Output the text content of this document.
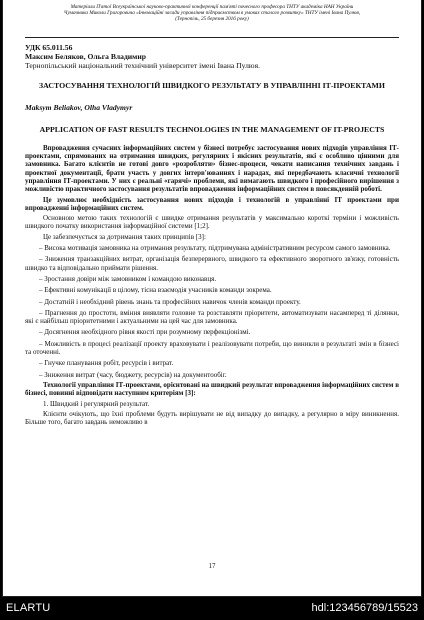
Матеріали П'ятої Всеукраїнської науково-практичної конференції пам'яті почесного професора ТНТУ академіка НАН України Чумачника Миколи Григоровича «Інноваційні засади управління підприємством в умовах сталого розвитку» ТНТУ імені Івана Пулюя, (Тернопіль, 25 березня 2016 року)
УДК 65.011.56
Максим Беляков, Ольга Владимир
Тернопільський національний технічний університет імені Івана Пулюя.
ЗАСТОСУВАННЯ ТЕХНОЛОГІЙ ШВИДКОГО РЕЗУЛЬТАТУ В УПРАВЛІННІ ІТ-ПРОЕКТАМИ
Maksym Beliakov, Olha Vladymyr
APPLICATION OF FAST RESULTS TECHNOLOGIES IN THE MANAGEMENT OF IT-PROJECTS

Впровадження сучасних інформаційних систем у бізнесі потребує застосування нових підходів управління ІТ-проектами, спрямованих на отримання швидких, регулярних і якісних результатів, які є особливо цінними для замовника. Багато клієнтів не готові довго «розробляти» бізнес-процеси, чекати написання технічних завдань і проектної документації, брати участь у довгих інтерв'юваннях і нарадах, які передбачають класичні технології управління ІТ-проектами. У них є реальні «гарячі» проблеми, які вимагають швидкого і професійного вирішення з можливістю практичного застосування результатів впровадження інформаційних систем в повсякденній роботі.

Це зумовлює необхідність застосування нових підходів і технологій в управлінні ІТ проектами при впровадженні інформаційних систем.

Основною метою таких технологій є швидке отримання результатів у максимально короткі терміни і можливість швидкого початку використання інформаційної системи [1;2].

Це забезпечується за дотримання таких принципів [3]:

– Висока мотивація замовника на отримання результату, підтримувана адміністративним ресурсом самого замовника.

– Зниження транзакційних витрат, організація безперервного, швидкого та ефективного зворотного зв'язку, готовність швидко та відповідально приймати рішення.

– Зростання довіри між замовником і командою виконавця.

– Ефективні комунікації в цілому, тісна взаємодія учасників команди зокрема.

– Достатній і необхідний рівень знань та професійних навичок членів команди проекту.

– Прагнення до простоти, вміння виявляти головне та розставляти пріоритети, автоматизувати насамперед ті ділянки, які є найбільш пріоритетними і актуальними на цей час для замовника.

– Досягнення необхідного рівня якості при розумному перфекціонізмі.

– Можливість в процесі реалізації проекту враховувати і реалізовувати потреби, що виникли в результаті змін в бізнесі та оточенні.

– Гнучке планування робіт, ресурсів і витрат.

– Зниження витрат (часу, бюджету, ресурсів) на документообіг.

Технології управління ІТ-проектами, орієнтовані на швидкий результат впровадження інформаційних систем в бізнесі, повинні відповідати наступним критеріям [3]:

1. Швидкий і регулярний результат.

Клієнти очікують, що їхні проблеми будуть вирішувати не від випадку до випадку, а регулярно в міру виникнення. Більше того, багато завдань неможливо в

17
ELARTU	hdl:123456789/15523
